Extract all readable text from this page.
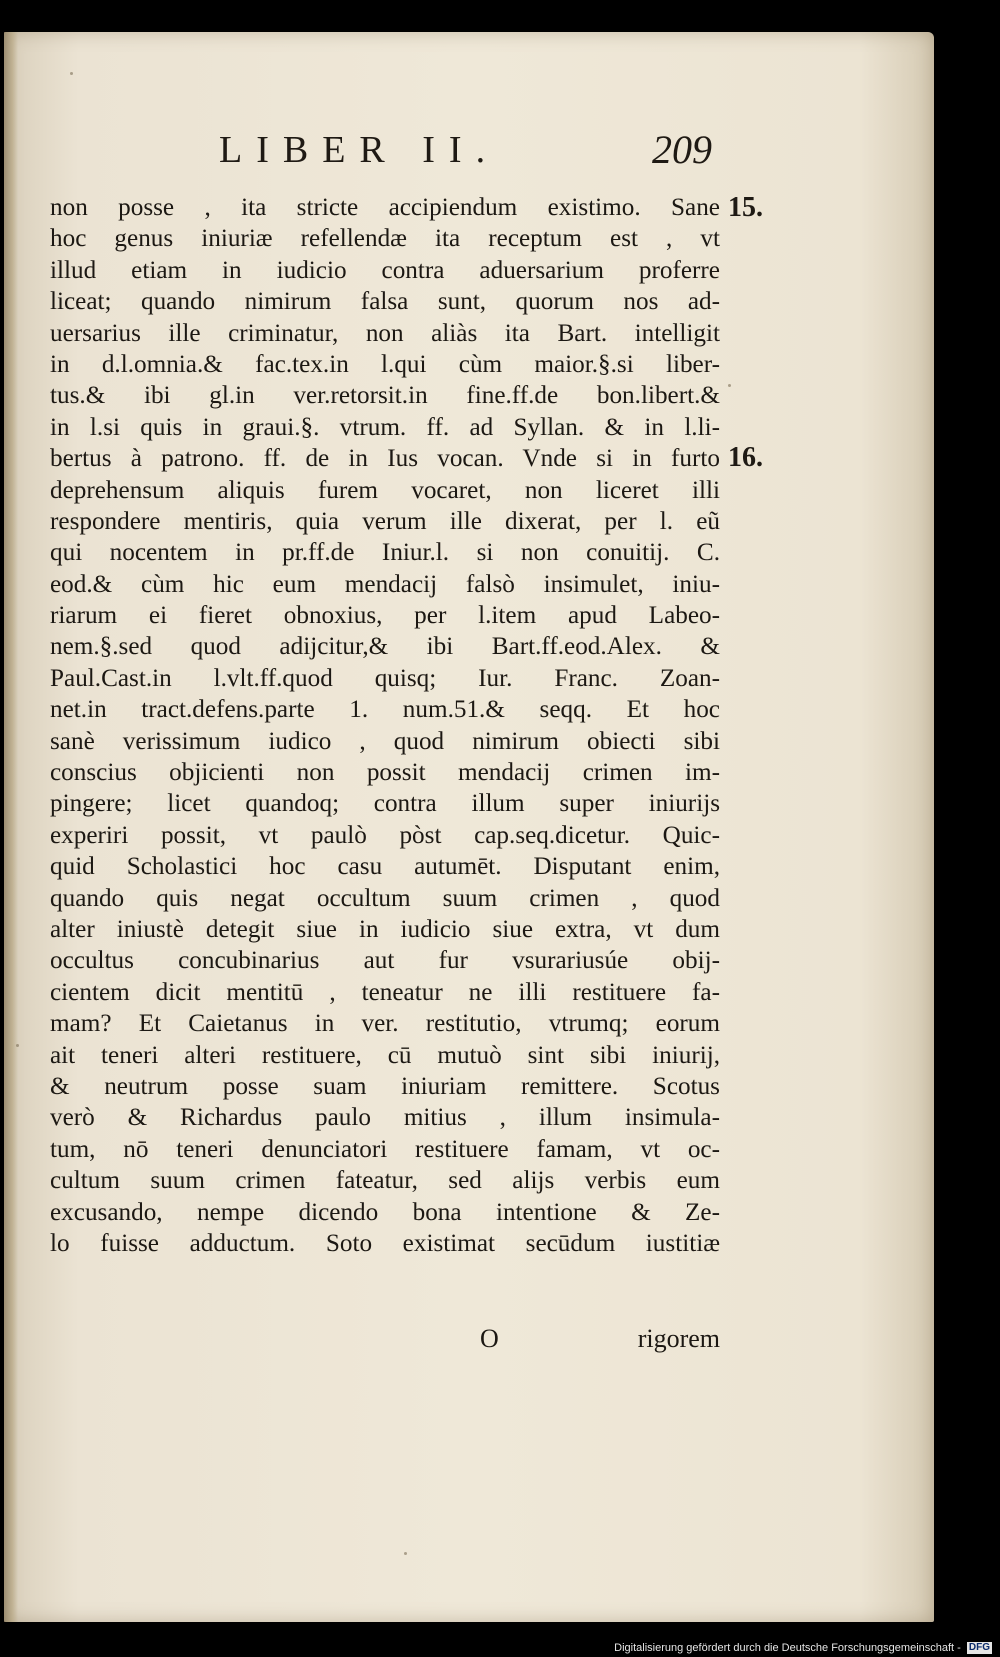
LIBER II.	209
non posse , ita stricte accipiendum existimo. Sane
hoc genus iniuriæ refellendæ ita receptum est , vt
illud etiam in iudicio contra aduersarium proferre
liceat; quando nimirum falsa sunt, quorum nos ad-
uersarius ille criminatur, non aliàs ita Bart. intelligit
in d.l.omnia.& fac.tex.in l.qui cùm maior.§.si liber-
tus.& ibi gl.in ver.retorsit.in fine.ff.de bon.libert.&
in l.si quis in graui.§. vtrum. ff. ad Syllan. & in l.li-
bertus à patrono. ff. de in Ius vocan. Vnde si in furto
deprehensum aliquis furem vocaret, non liceret illi
respondere mentiris, quia verum ille dixerat, per l. eũ
qui nocentem in pr.ff.de Iniur.l. si non conuitij. C.
eod.& cùm hic eum mendacij falsò insimulet, iniu-
riarum ei fieret obnoxius, per l.item apud Labeo-
nem.§.sed quod adijcitur,& ibi Bart.ff.eod.Alex. &
Paul.Cast.in l.vlt.ff.quod quisq; Iur. Franc. Zoan-
net.in tract.defens.parte 1. num.51.& seqq. Et hoc
sanè verissimum iudico , quod nimirum obiecti sibi
conscius objicienti non possit mendacij crimen im-
pingere; licet quandoq; contra illum super iniurijs
experiri possit, vt paulò pòst cap.seq.dicetur. Quic-
quid Scholastici hoc casu autumēt. Disputant enim,
quando quis negat occultum suum crimen , quod
alter iniustè detegit siue in iudicio siue extra, vt dum
occultus concubinarius aut fur vsurariusúe obij-
cientem dicit mentitū , teneatur ne illi restituere fa-
mam? Et Caietanus in ver. restitutio, vtrumq; eorum
ait teneri alteri restituere, cū mutuò sint sibi iniurij,
& neutrum posse suam iniuriam remittere. Scotus
verò & Richardus paulo mitius , illum insimula-
tum, nō teneri denunciatori restituere famam, vt oc-
cultum suum crimen fateatur, sed alijs verbis eum
excusando, nempe dicendo bona intentione & Ze-
lo fuisse adductum. Soto existimat secūdum iustitiæ
15.
16.
O	rigorem
Digitalisierung gefördert durch die Deutsche Forschungsgemeinschaft - DFG
